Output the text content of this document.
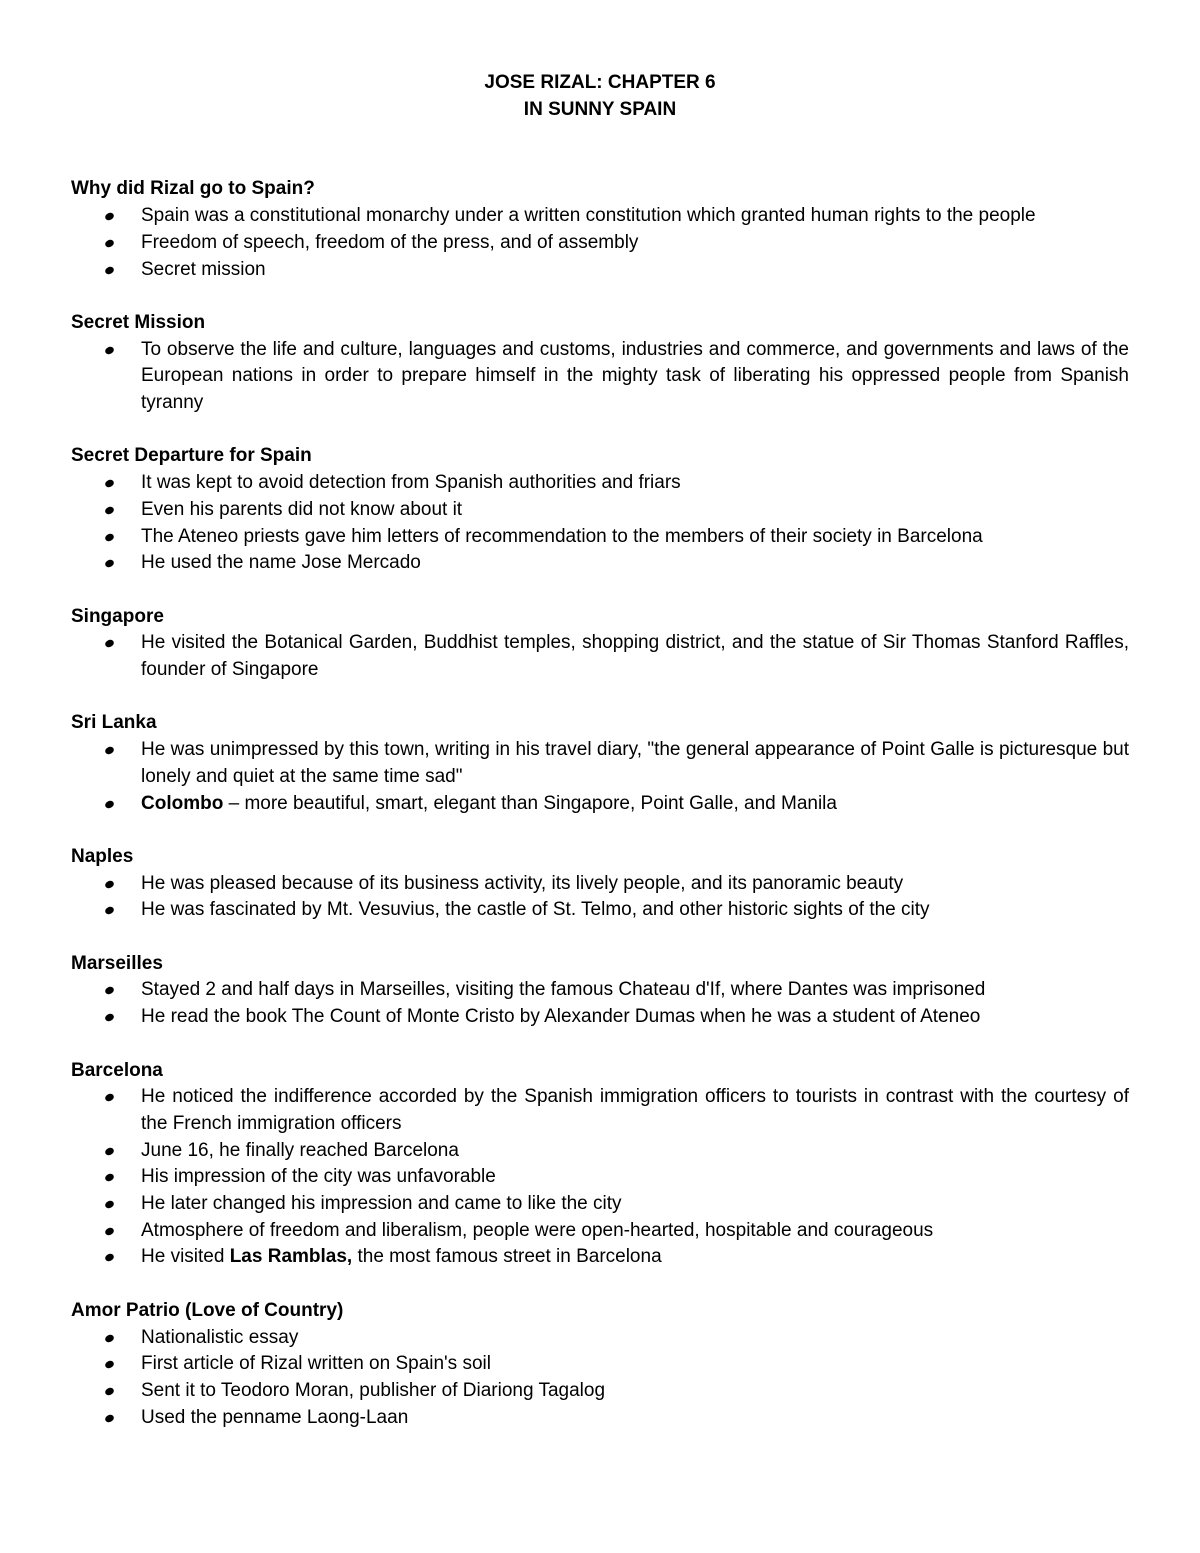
JOSE RIZAL: CHAPTER 6

IN SUNNY SPAIN

Why did Rizal go to Spain?

Spain was a constitutional monarchy under a written constitution which granted human rights to the people
Freedom of speech, freedom of the press, and of assembly
Secret mission

Secret Mission

To observe the life and culture, languages and customs, industries and commerce, and governments and laws of the European nations in order to prepare himself in the mighty task of liberating his oppressed people from Spanish tyranny

Secret Departure for Spain

It was kept to avoid detection from Spanish authorities and friars
Even his parents did not know about it
The Ateneo priests gave him letters of recommendation to the members of their society in Barcelona
He used the name Jose Mercado

Singapore

He visited the Botanical Garden, Buddhist temples, shopping district, and the statue of Sir Thomas Stanford Raffles, founder of Singapore

Sri Lanka

He was unimpressed by this town, writing in his travel diary, "the general appearance of Point Galle is picturesque but lonely and quiet at the same time sad"
Colombo – more beautiful, smart, elegant than Singapore, Point Galle, and Manila

Naples

He was pleased because of its business activity, its lively people, and its panoramic beauty
He was fascinated by Mt. Vesuvius, the castle of St. Telmo, and other historic sights of the city

Marseilles

Stayed 2 and half days in Marseilles, visiting the famous Chateau d'If, where Dantes was imprisoned
He read the book The Count of Monte Cristo by Alexander Dumas when he was a student of Ateneo

Barcelona

He noticed the indifference accorded by the Spanish immigration officers to tourists in contrast with the courtesy of the French immigration officers
June 16, he finally reached Barcelona
His impression of the city was unfavorable
He later changed his impression and came to like the city
Atmosphere of freedom and liberalism, people were open-hearted, hospitable and courageous
He visited Las Ramblas, the most famous street in Barcelona

Amor Patrio (Love of Country)

Nationalistic essay
First article of Rizal written on Spain's soil
Sent it to Teodoro Moran, publisher of Diariong Tagalog
Used the penname Laong-Laan
